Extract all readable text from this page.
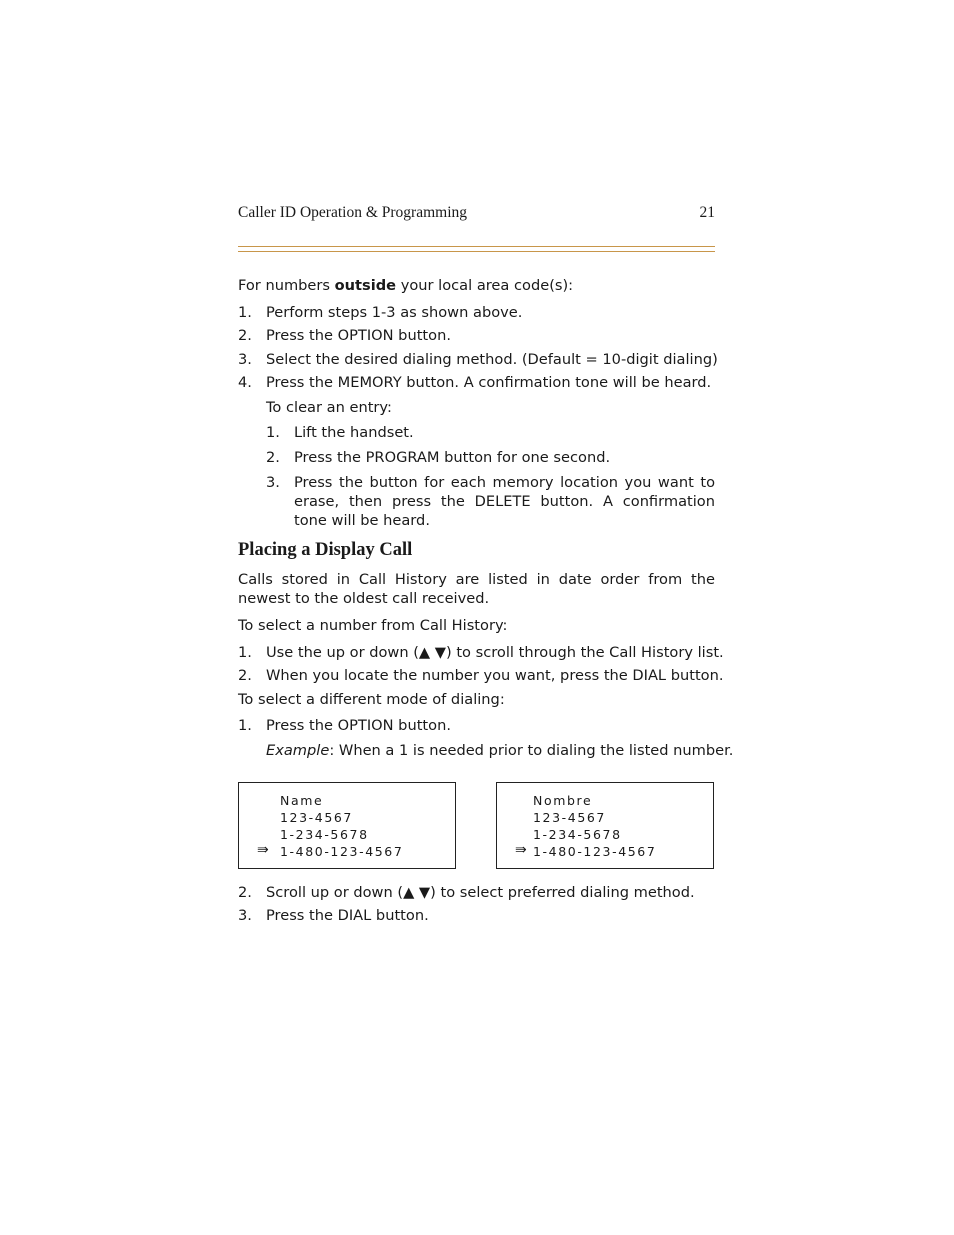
Caller ID Operation & Programming	21
For numbers outside your local area code(s):
1. Perform steps 1-3 as shown above.
2. Press the OPTION button.
3. Select the desired dialing method. (Default = 10-digit dialing)
4. Press the MEMORY button. A confirmation tone will be heard.
To clear an entry:
1. Lift the handset.
2. Press the PROGRAM button for one second.
3. Press the button for each memory location you want to erase, then press the DELETE button. A confirmation tone will be heard.
Placing a Display Call
Calls stored in Call History are listed in date order from the newest to the oldest call received.
To select a number from Call History:
1. Use the up or down (▲ ▼) to scroll through the Call History list.
2. When you locate the number you want, press the DIAL button.
To select a different mode of dialing:
1. Press the OPTION button.
Example: When a 1 is needed prior to dialing the listed number.
Name
123-4567
1-234-5678
⇛ 1-480-123-4567
Nombre
123-4567
1-234-5678
⇛ 1-480-123-4567
2. Scroll up or down (▲ ▼) to select preferred dialing method.
3. Press the DIAL button.
